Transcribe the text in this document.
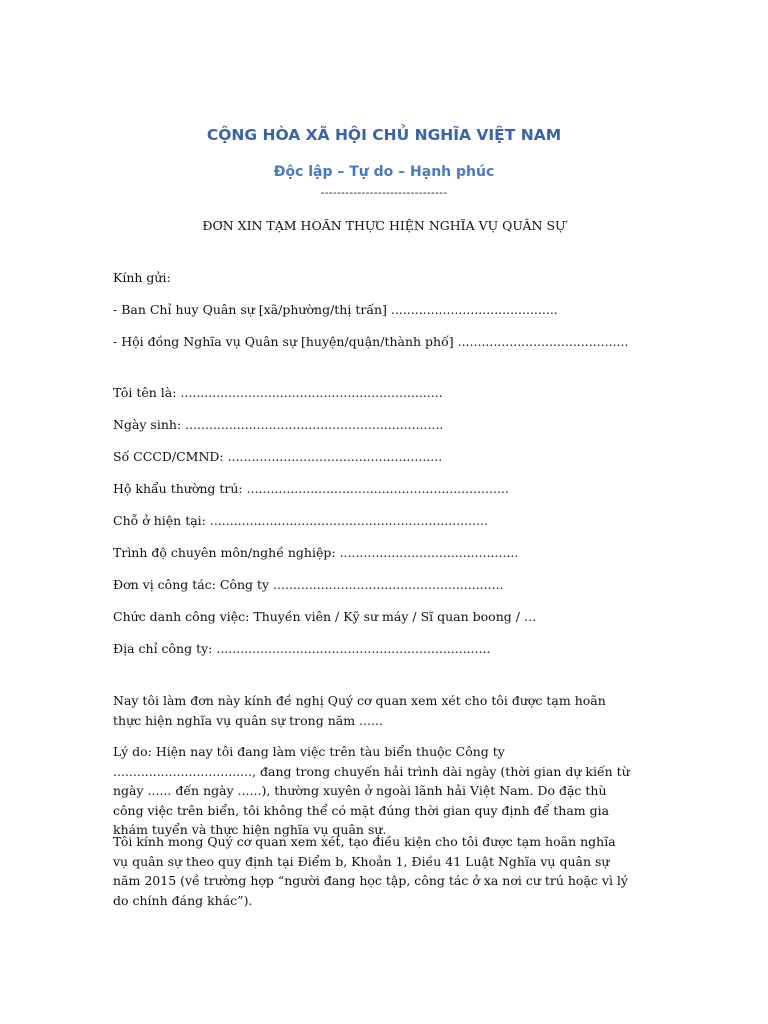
CỘNG HÒA XÃ HỘI CHỦ NGHĨA VIỆT NAM
Độc lập – Tự do – Hạnh phúc
-------------------------------
ĐƠN XIN TẠM HOÃN THỰC HIỆN NGHĨA VỤ QUÂN SỰ
Kính gửi:
- Ban Chỉ huy Quân sự [xã/phường/thị trấn] ..........................................
- Hội đồng Nghĩa vụ Quân sự [huyện/quận/thành phố] ...........................................
Tôi tên là: ..................................................................
Ngày sinh: .................................................................
Số CCCD/CMND: ......................................................
Hộ khẩu thường trú: ..................................................................
Chỗ ở hiện tại: ......................................................................
Trình độ chuyên môn/nghề nghiệp: .............................................
Đơn vị công tác: Công ty ..........................................................
Chức danh công việc: Thuyền viên / Kỹ sư máy / Sĩ quan boong / …
Địa chỉ công ty: .....................................................................
Nay tôi làm đơn này kính đề nghị Quý cơ quan xem xét cho tôi được tạm hoãn thực hiện nghĩa vụ quân sự trong năm ......
Lý do: Hiện nay tôi đang làm việc trên tàu biển thuộc Công ty ..................................., đang trong chuyến hải trình dài ngày (thời gian dự kiến từ ngày ...... đến ngày ......), thường xuyên ở ngoài lãnh hải Việt Nam. Do đặc thù công việc trên biển, tôi không thể có mặt đúng thời gian quy định để tham gia khám tuyển và thực hiện nghĩa vụ quân sự.
Tôi kính mong Quý cơ quan xem xét, tạo điều kiện cho tôi được tạm hoãn nghĩa vụ quân sự theo quy định tại Điểm b, Khoản 1, Điều 41 Luật Nghĩa vụ quân sự năm 2015 (về trường hợp “người đang học tập, công tác ở xa nơi cư trú hoặc vì lý do chính đáng khác”).
